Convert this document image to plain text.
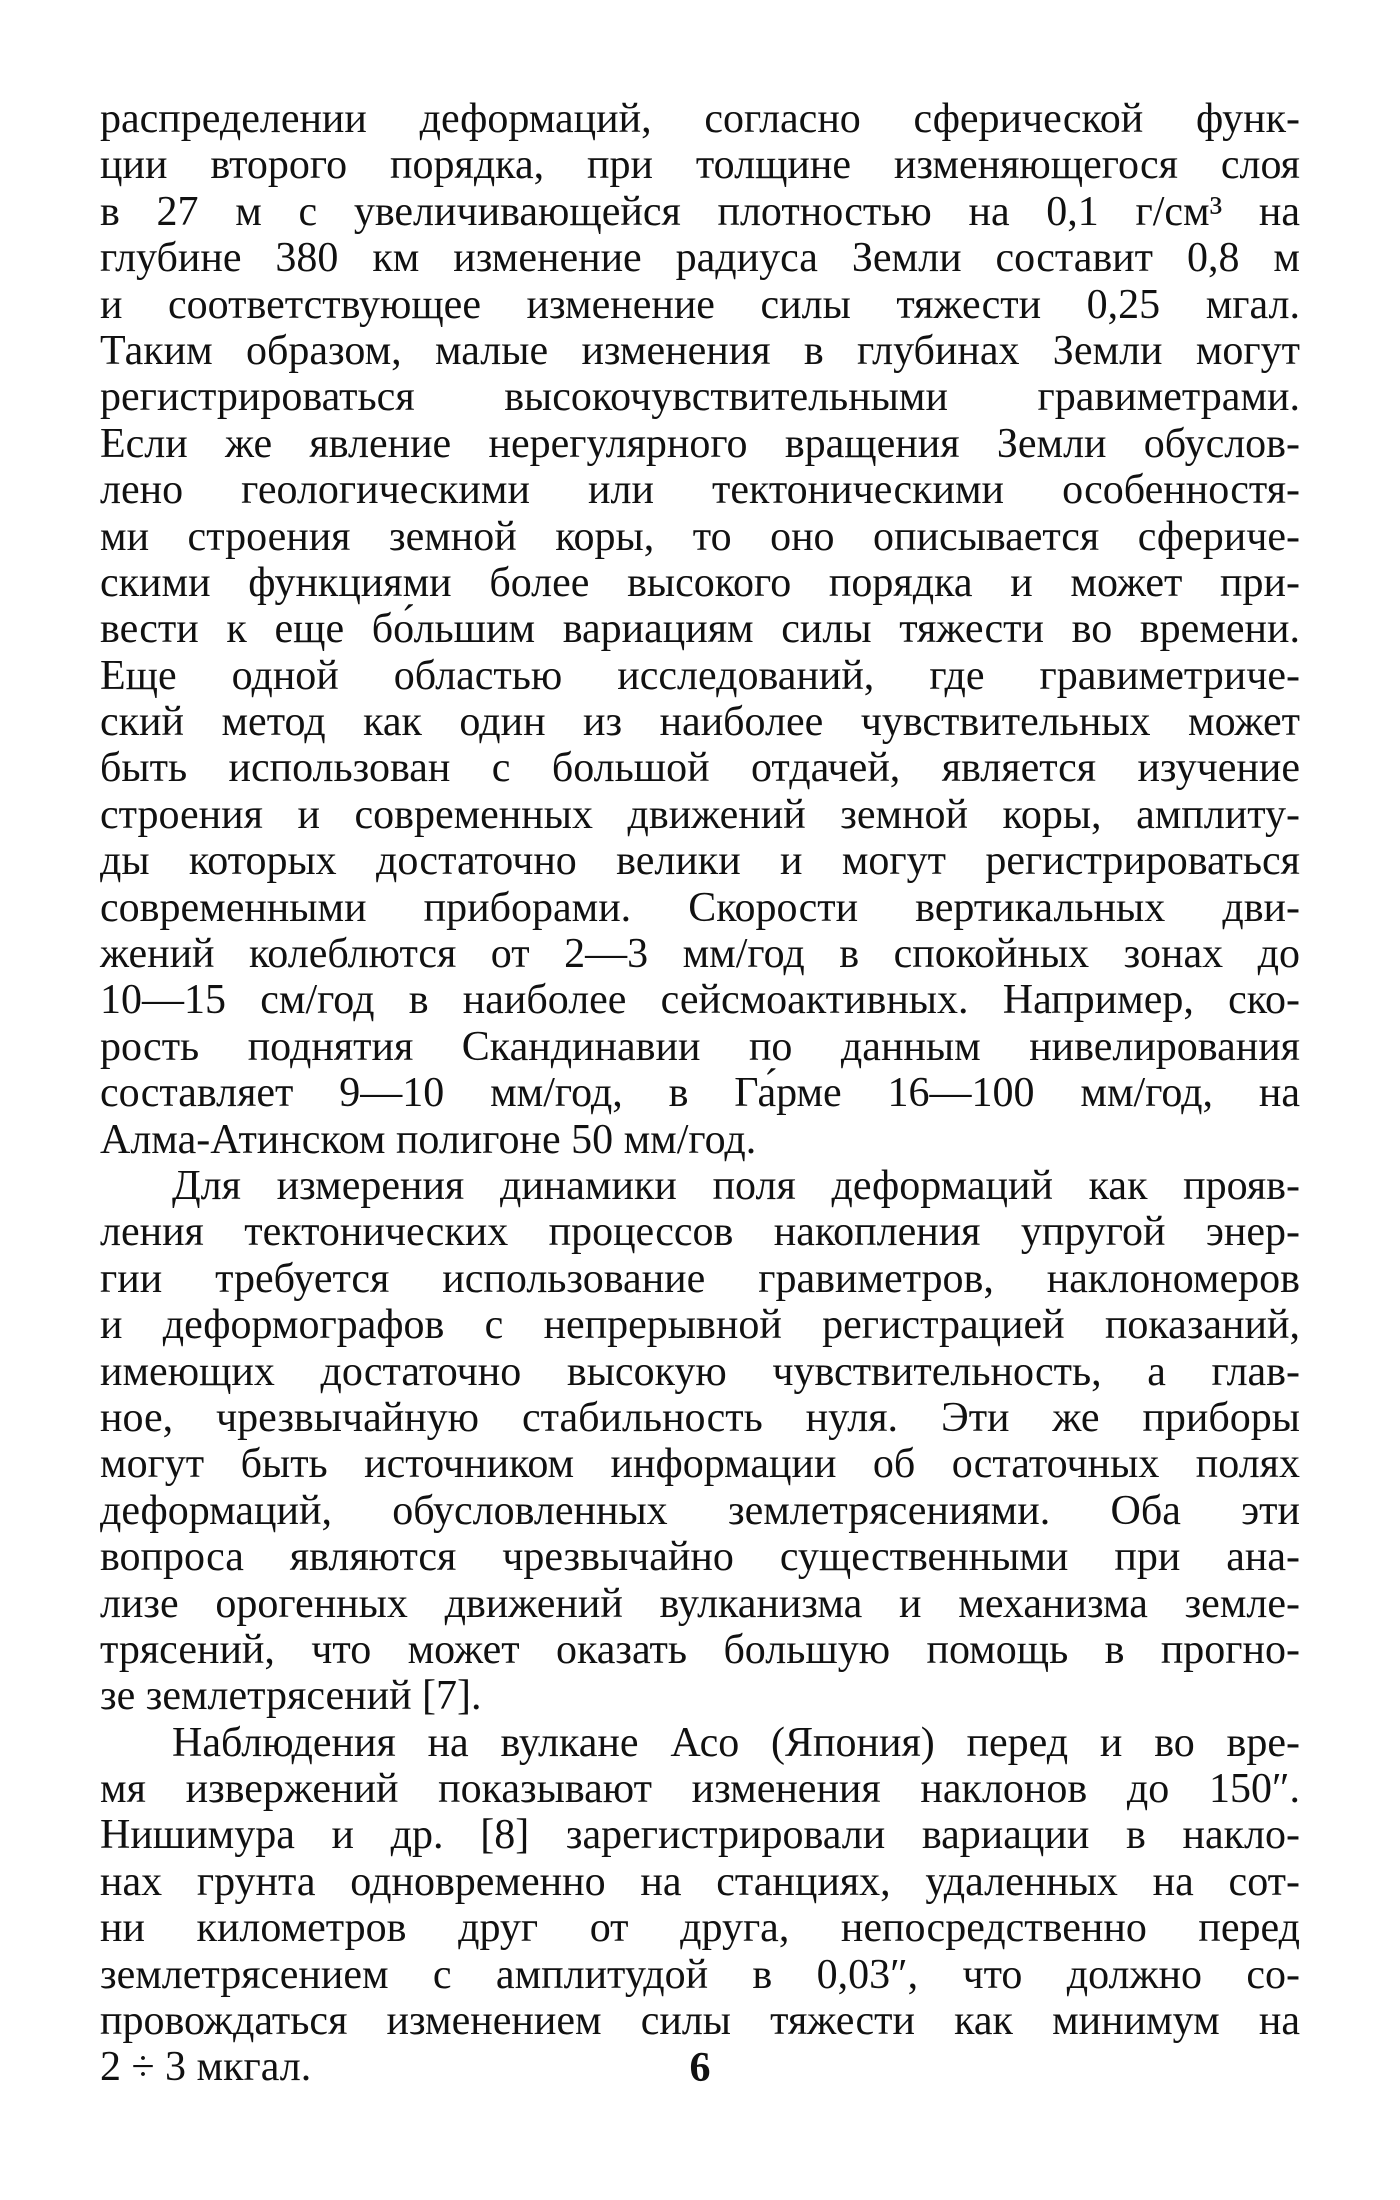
распределении деформаций, согласно сферической функ-
ции второго порядка, при толщине изменяющегося слоя
в 27 м с увеличивающейся плотностью на 0,1 г/см³ на
глубине 380 км изменение радиуса Земли составит 0,8 м
и соответствующее изменение силы тяжести 0,25 мгал.
Таким образом, малые изменения в глубинах Земли могут
регистрироваться высокочувствительными гравиметрами.
Если же явление нерегулярного вращения Земли обуслов-
лено геологическими или тектоническими особенностя-
ми строения земной коры, то оно описывается сфериче-
скими функциями более высокого порядка и может при-
вести к еще бо́льшим вариациям силы тяжести во времени.
Еще одной областью исследований, где гравиметриче-
ский метод как один из наиболее чувствительных может
быть использован с большой отдачей, является изучение
строения и современных движений земной коры, амплиту-
ды которых достаточно велики и могут регистрироваться
современными приборами. Скорости вертикальных дви-
жений колеблются от 2—3 мм/год в спокойных зонах до
10—15 см/год в наиболее сейсмоактивных. Например, ско-
рость поднятия Скандинавии по данным нивелирования
составляет 9—10 мм/год, в Га́рме 16—100 мм/год, на
Алма-Атинском полигоне 50 мм/год.
Для измерения динамики поля деформаций как прояв-
ления тектонических процессов накопления упругой энер-
гии требуется использование гравиметров, наклономеров
и деформографов с непрерывной регистрацией показаний,
имеющих достаточно высокую чувствительность, а глав-
ное, чрезвычайную стабильность нуля. Эти же приборы
могут быть источником информации об остаточных полях
деформаций, обусловленных землетрясениями. Оба эти
вопроса являются чрезвычайно существенными при ана-
лизе орогенных движений вулканизма и механизма земле-
трясений, что может оказать большую помощь в прогно-
зе землетрясений [7].
Наблюдения на вулкане Асо (Япония) перед и во вре-
мя извержений показывают изменения наклонов до 150″.
Нишимура и др. [8] зарегистрировали вариации в накло-
нах грунта одновременно на станциях, удаленных на сот-
ни километров друг от друга, непосредственно перед
землетрясением с амплитудой в 0,03″, что должно со-
провождаться изменением силы тяжести как минимум на
2 ÷ 3 мкгал.	6
